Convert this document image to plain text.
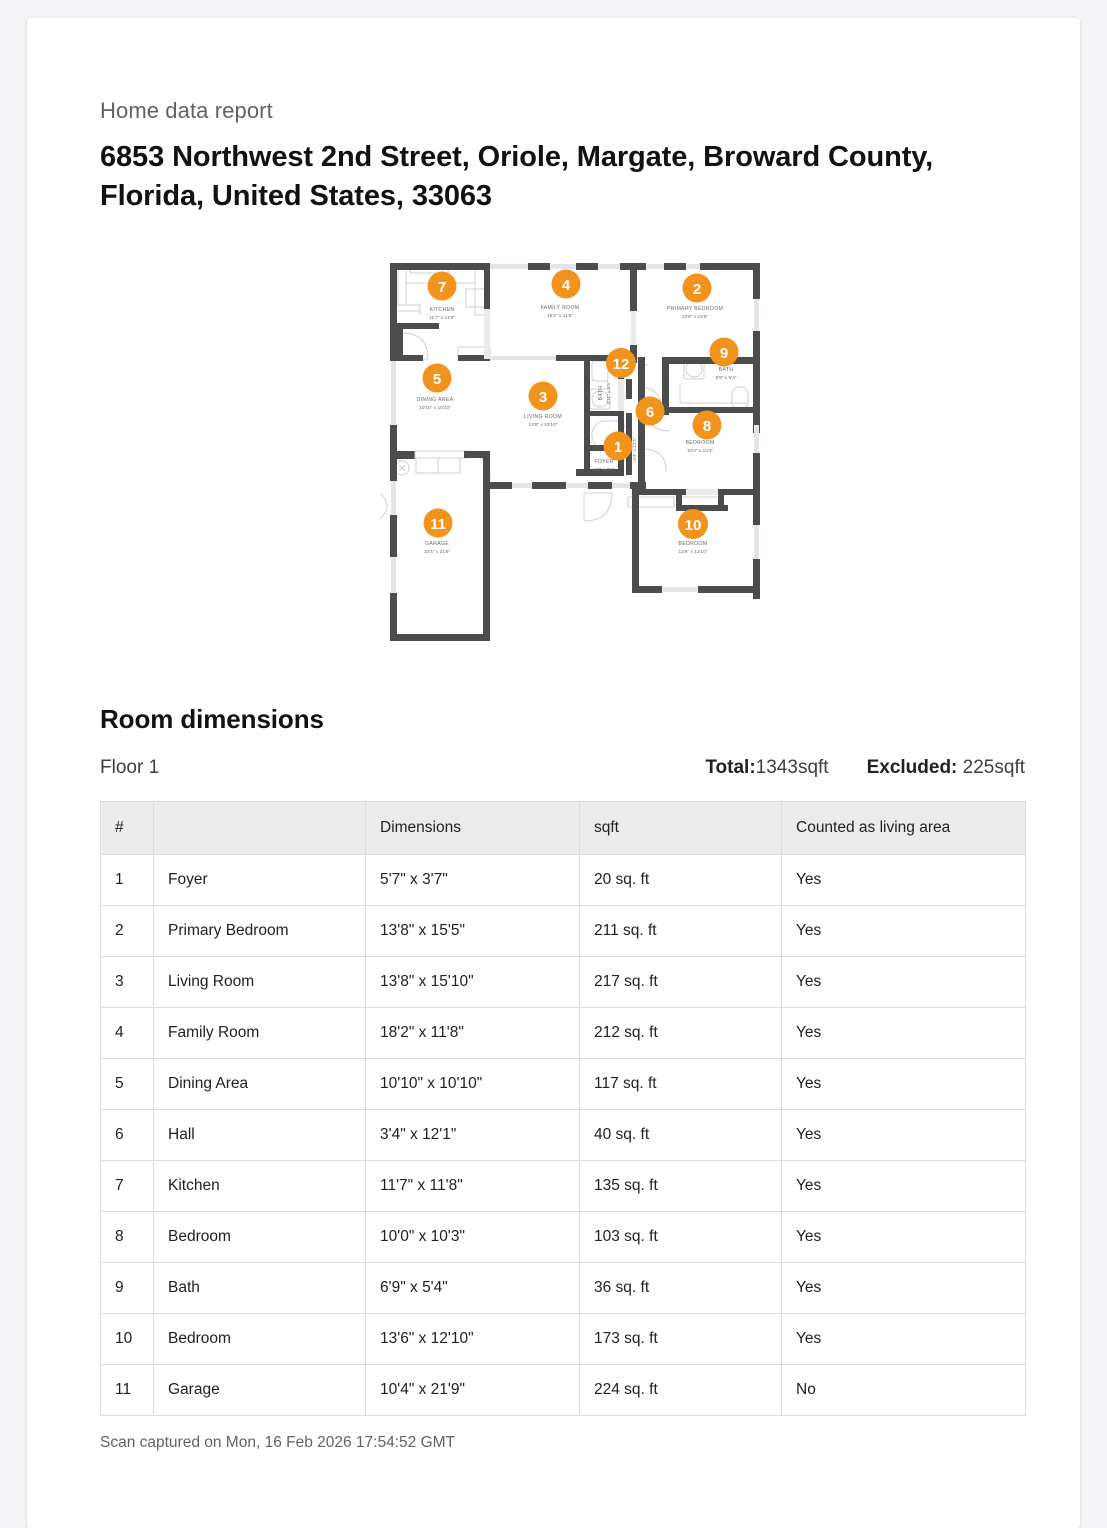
Home data report
6853 Northwest 2nd Street, Oriole, Margate, Broward County, Florida, United States, 33063
KITCHEN
11'7" x 11'8"
FAMILY ROOM
18'2" x 11'8"
PRIMARY BEDROOM
13'8" x 15'5"
DINING AREA
10'10" x 10'10"
LIVING ROOM
13'8" x 15'10"
BATH
6'9" x 5'4"
BEDROOM
10'0" x 10'3"
FOYER
5'7" x 3'7"
BEDROOM
13'6" x 12'10"
GARAGE
10'4" x 21'9"
BATH 4'11" x 9'5"
3'4" x 12'1"
7	4	2
5
3
12
9
6
8
1
11	10
Room dimensions
Floor 1	Total:1343sqft Excluded: 225sqft
#		Dimensions	sqft	Counted as living area
1	Foyer	5'7" x 3'7"	20 sq. ft	Yes
2	Primary Bedroom	13'8" x 15'5"	211 sq. ft	Yes
3	Living Room	13'8" x 15'10"	217 sq. ft	Yes
4	Family Room	18'2" x 11'8"	212 sq. ft	Yes
5	Dining Area	10'10" x 10'10"	117 sq. ft	Yes
6	Hall	3'4" x 12'1"	40 sq. ft	Yes
7	Kitchen	11'7" x 11'8"	135 sq. ft	Yes
8	Bedroom	10'0" x 10'3"	103 sq. ft	Yes
9	Bath	6'9" x 5'4"	36 sq. ft	Yes
10	Bedroom	13'6" x 12'10"	173 sq. ft	Yes
11	Garage	10'4" x 21'9"	224 sq. ft	No
Scan captured on Mon, 16 Feb 2026 17:54:52 GMT
